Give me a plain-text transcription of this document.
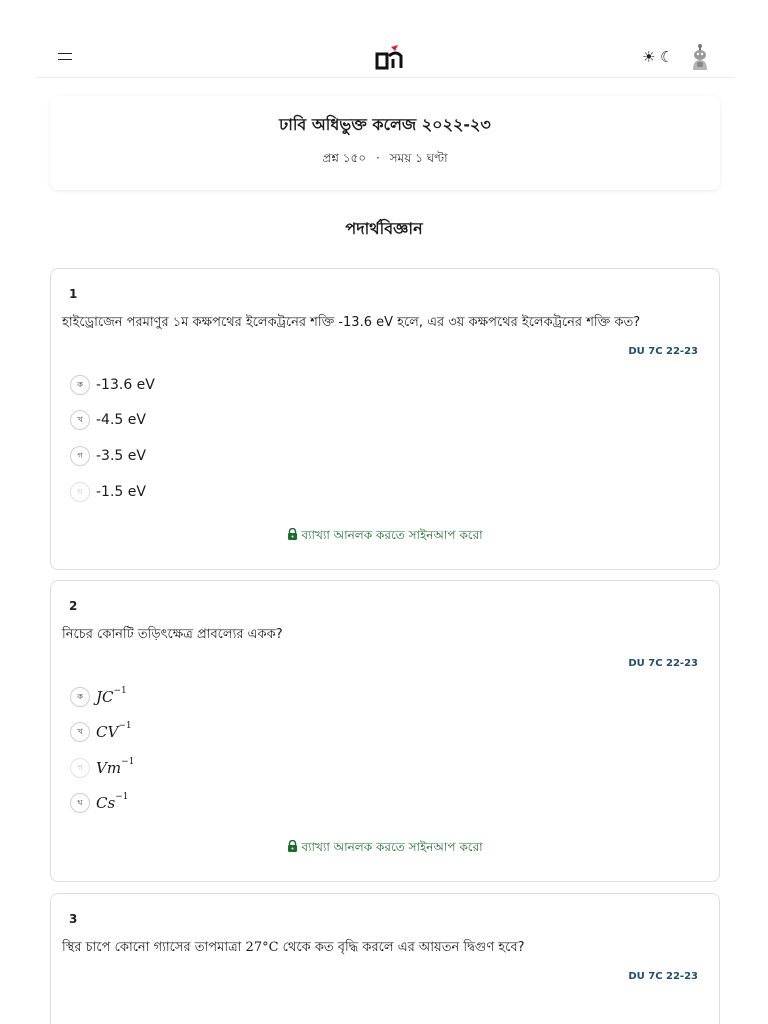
☀ ☾
ঢাবি অধিভুক্ত কলেজ ২০২২-২৩
প্রশ্ন ১৫০ · সময় ১ ঘণ্টা
পদার্থবিজ্ঞান
1
হাইড্রোজেন পরমাণুর ১ম কক্ষপথের ইলেকট্রনের শক্তি -13.6 eV হলে, এর ৩য় কক্ষপথের ইলেকট্রনের শক্তি কত?
DU 7C 22-23
ক -13.6 eV
খ -4.5 eV
গ -3.5 eV
ঘ -1.5 eV
ব্যাখ্যা আনলক করতে সাইনআপ করো
2
নিচের কোনটি তড়িৎক্ষেত্র প্রাবল্যের একক?
DU 7C 22-23
ক $JC^{-1}$
খ $CV^{-1}$
গ $Vm^{-1}$
ঘ $Cs^{-1}$
ব্যাখ্যা আনলক করতে সাইনআপ করো
3
স্থির চাপে কোনো গ্যাসের তাপমাত্রা 27°C থেকে কত বৃদ্ধি করলে এর আয়তন দ্বিগুণ হবে?
DU 7C 22-23
